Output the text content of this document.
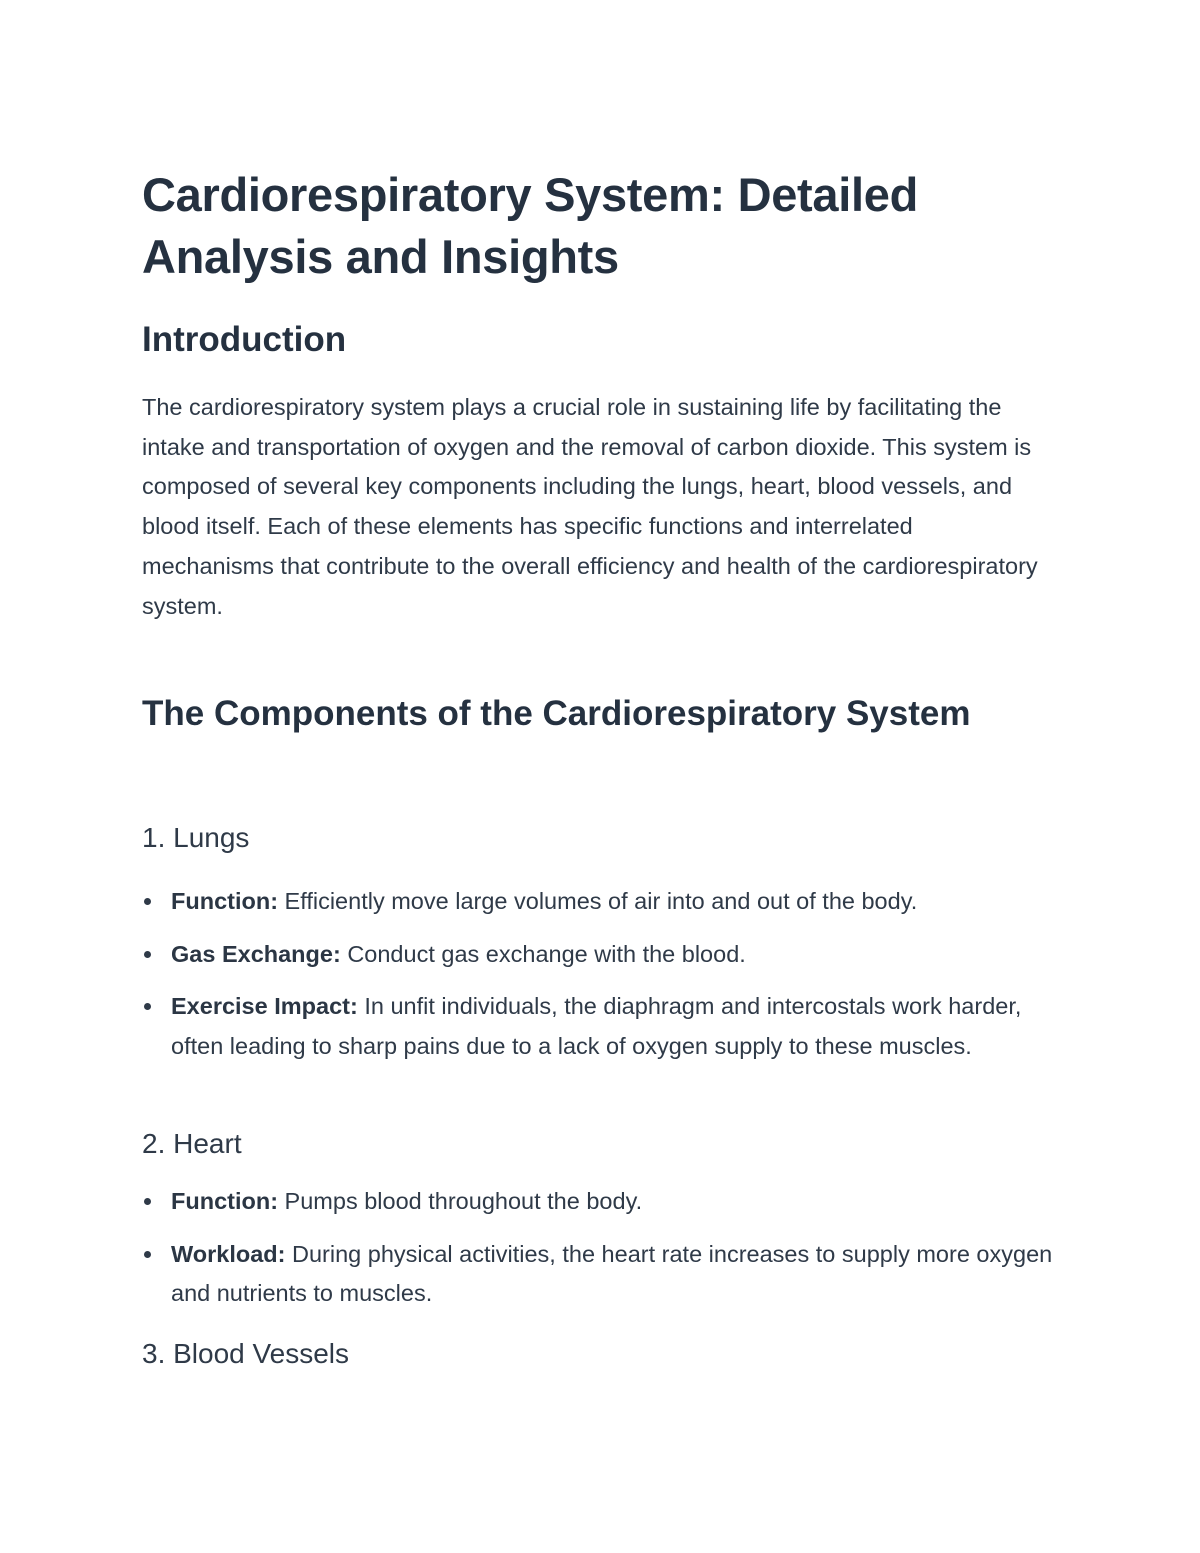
Cardiorespiratory System: Detailed Analysis and Insights
Introduction

The cardiorespiratory system plays a crucial role in sustaining life by facilitating the intake and transportation of oxygen and the removal of carbon dioxide. This system is composed of several key components including the lungs, heart, blood vessels, and blood itself. Each of these elements has specific functions and interrelated mechanisms that contribute to the overall efficiency and health of the cardiorespiratory system.

The Components of the Cardiorespiratory System
1. Lungs
Function: Efficiently move large volumes of air into and out of the body.
Gas Exchange: Conduct gas exchange with the blood.
Exercise Impact: In unfit individuals, the diaphragm and intercostals work harder, often leading to sharp pains due to a lack of oxygen supply to these muscles.
2. Heart
Function: Pumps blood throughout the body.
Workload: During physical activities, the heart rate increases to supply more oxygen and nutrients to muscles.
3. Blood Vessels
